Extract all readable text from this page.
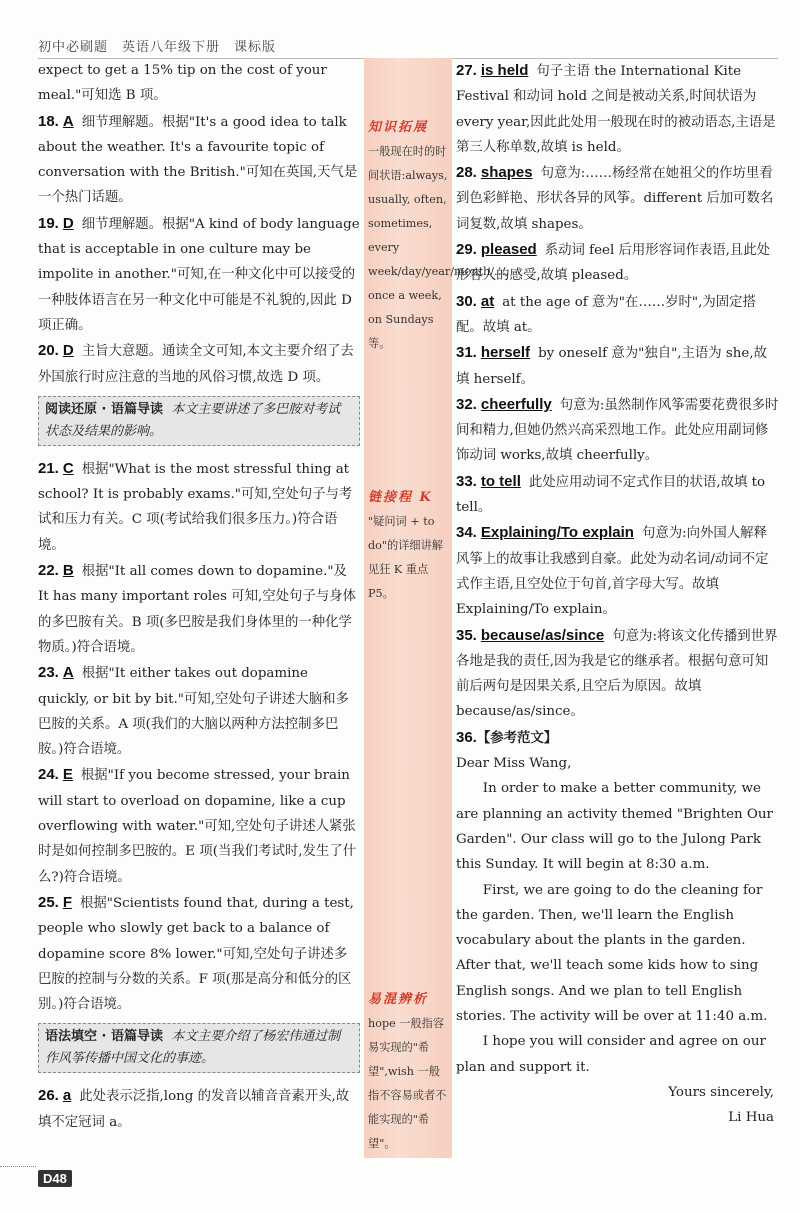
初中必刷题　英语八年级下册　课标版
expect to get a 15% tip on the cost of your meal."可知选 B 项。
18. A 细节理解题。根据"It's a good idea to talk about the weather. It's a favourite topic of conversation with the British."可知在英国,天气是一个热门话题。
19. D 细节理解题。根据"A kind of body language that is acceptable in one culture may be impolite in another."可知,在一种文化中可以接受的一种肢体语言在另一种文化中可能是不礼貌的,因此 D 项正确。
20. D 主旨大意题。通读全文可知,本文主要介绍了去外国旅行时应注意的当地的风俗习惯,故选 D 项。
阅读还原 · 语篇导读 本文主要讲述了多巴胺对考试状态及结果的影响。
21. C 根据"What is the most stressful thing at school? It is probably exams."可知,空处句子与考试和压力有关。C 项(考试给我们很多压力。)符合语境。
22. B 根据"It all comes down to dopamine."及 It has many important roles 可知,空处句子与身体的多巴胺有关。B 项(多巴胺是我们身体里的一种化学物质。)符合语境。
23. A 根据"It either takes out dopamine quickly, or bit by bit."可知,空处句子讲述大脑和多巴胺的关系。A 项(我们的大脑以两种方法控制多巴胺。)符合语境。
24. E 根据"If you become stressed, your brain will start to overload on dopamine, like a cup overflowing with water."可知,空处句子讲述人紧张时是如何控制多巴胺的。E 项(当我们考试时,发生了什么?)符合语境。
25. F 根据"Scientists found that, during a test, people who slowly get back to a balance of dopamine score 8% lower."可知,空处句子讲述多巴胺的控制与分数的关系。F 项(那是高分和低分的区别。)符合语境。
语法填空 · 语篇导读 本文主要介绍了杨宏伟通过制作风筝传播中国文化的事迹。
26. a 此处表示泛指,long 的发音以辅音音素开头,故填不定冠词 a。
知识拓展
一般现在时的时间状语:always, usually, often, sometimes, every week/day/year/month/…, once a week, on Sundays 等。
链接程 K
"疑问词 + to do"的详细讲解见狂 K 重点 P5。
易混辨析
hope 一般指容易实现的"希望",wish 一般指不容易或者不能实现的"希望"。
27. is held 句子主语 the International Kite Festival 和动词 hold 之间是被动关系,时间状语为 every year,因此此处用一般现在时的被动语态,主语是第三人称单数,故填 is held。
28. shapes 句意为:……杨经常在她祖父的作坊里看到色彩鲜艳、形状各异的风筝。different 后加可数名词复数,故填 shapes。
29. pleased 系动词 feel 后用形容词作表语,且此处形容人的感受,故填 pleased。
30. at at the age of 意为"在……岁时",为固定搭配。故填 at。
31. herself by oneself 意为"独自",主语为 she,故填 herself。
32. cheerfully 句意为:虽然制作风筝需要花费很多时间和精力,但她仍然兴高采烈地工作。此处应用副词修饰动词 works,故填 cheerfully。
33. to tell 此处应用动词不定式作目的状语,故填 to tell。
34. Explaining/To explain 句意为:向外国人解释风筝上的故事让我感到自豪。此处为动名词/动词不定式作主语,且空处位于句首,首字母大写。故填 Explaining/To explain。
35. because/as/since 句意为:将该文化传播到世界各地是我的责任,因为我是它的继承者。根据句意可知前后两句是因果关系,且空后为原因。故填 because/as/since。
36.【参考范文】
Dear Miss Wang,
In order to make a better community, we are planning an activity themed "Brighten Our Garden". Our class will go to the Julong Park this Sunday. It will begin at 8:30 a.m.
First, we are going to do the cleaning for the garden. Then, we'll learn the English vocabulary about the plants in the garden. After that, we'll teach some kids how to sing English songs. And we plan to tell English stories. The activity will be over at 11:40 a.m.
I hope you will consider and agree on our plan and support it.
Yours sincerely,
Li Hua
D48
